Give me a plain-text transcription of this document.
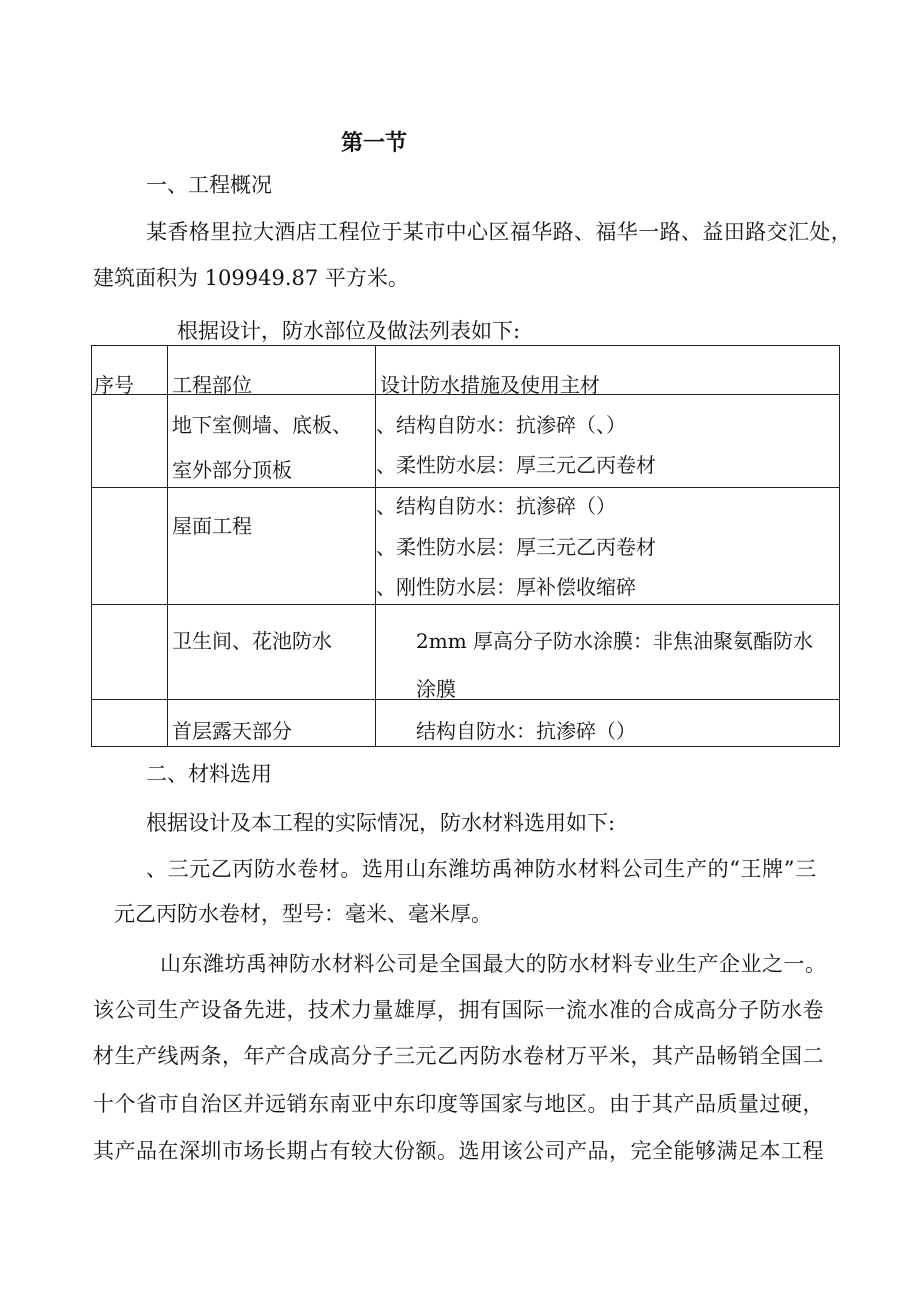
第一节
一、工程概况
某香格里拉大酒店工程位于某市中心区福华路、福华一路、益田路交汇处，
建筑面积为 109949.87 平方米。
根据设计，防水部位及做法列表如下:
序号	工程部位	设计防水措施及使用主材

	地下室侧墙、底板、
室外部分顶板	、结构自防水：抗渗碎（、）
、柔性防水层：厚三元乙丙卷材

	屋面工程	、结构自防水：抗渗碎（）
、柔性防水层：厚三元乙丙卷材
、刚性防水层：厚补偿收缩碎

	卫生间、花池防水	2mm 厚高分子防水涂膜：非焦油聚氨酯防水
涂膜

	首层露天部分	结构自防水：抗渗碎（）
二、材料选用
根据设计及本工程的实际情况，防水材料选用如下:
、三元乙丙防水卷材。选用山东潍坊禹神防水材料公司生产的“王牌”三
元乙丙防水卷材，型号：毫米、毫米厚。
山东潍坊禹神防水材料公司是全国最大的防水材料专业生产企业之一。
该公司生产设备先进，技术力量雄厚，拥有国际一流水准的合成高分子防水卷
材生产线两条，年产合成高分子三元乙丙防水卷材万平米，其产品畅销全国二
十个省市自治区并远销东南亚中东印度等国家与地区。由于其产品质量过硬，
其产品在深圳市场长期占有较大份额。选用该公司产品，完全能够满足本工程
